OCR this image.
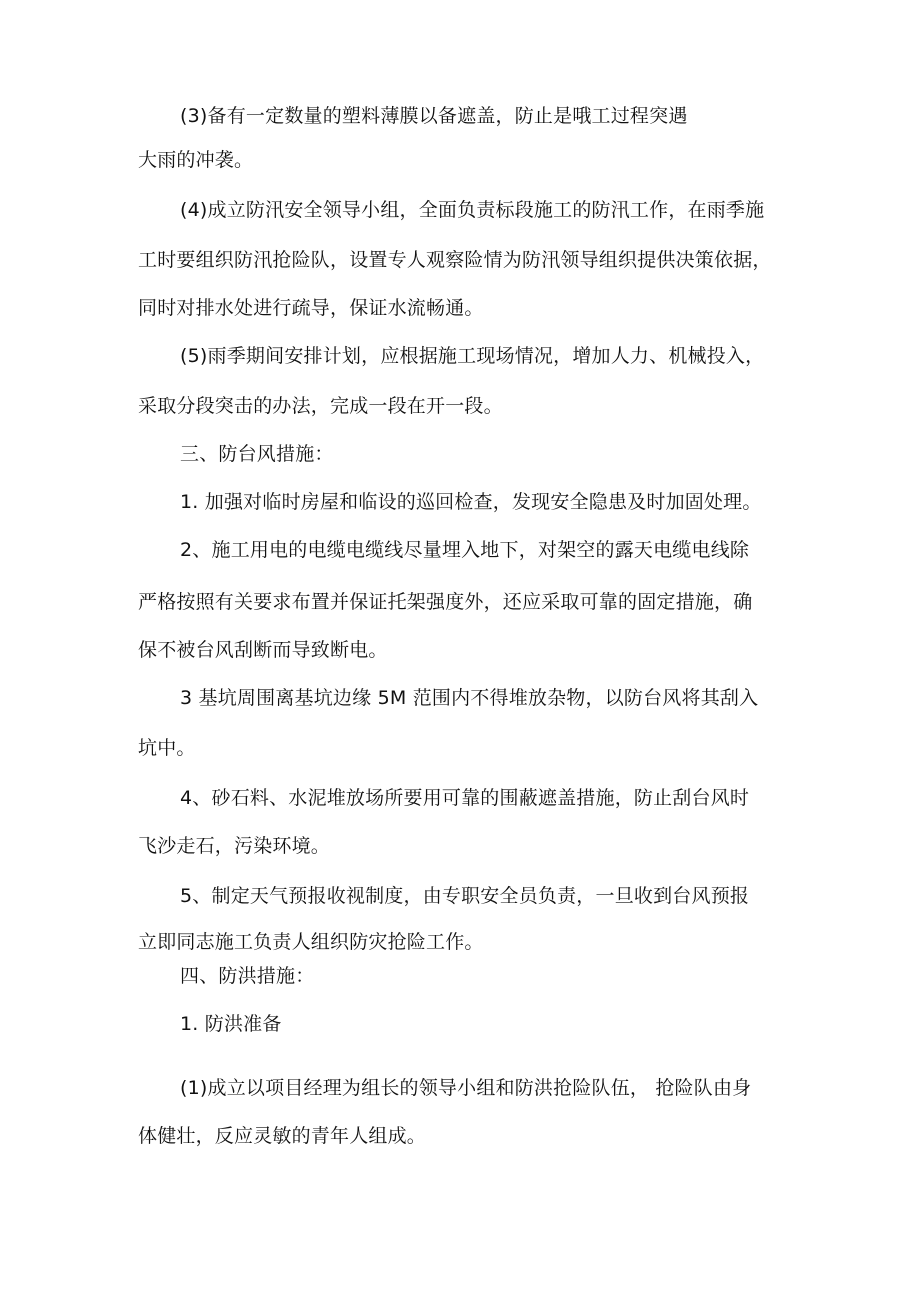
(3)备有一定数量的塑料薄膜以备遮盖，防止是哦工过程突遇
大雨的冲袭。
(4)成立防汛安全领导小组，全面负责标段施工的防汛工作，在雨季施
工时要组织防汛抢险队，设置专人观察险情为防汛领导组织提供决策依据，
同时对排水处进行疏导，保证水流畅通。
(5)雨季期间安排计划，应根据施工现场情况，增加人力、机械投入，
采取分段突击的办法，完成一段在开一段。
三、防台风措施：
1. 加强对临时房屋和临设的巡回检查，发现安全隐患及时加固处理。
2、施工用电的电缆电缆线尽量埋入地下，对架空的露天电缆电线除
严格按照有关要求布置并保证托架强度外，还应采取可靠的固定措施，确
保不被台风刮断而导致断电。
3 基坑周围离基坑边缘 5M 范围内不得堆放杂物，以防台风将其刮入
坑中。
4、砂石料、水泥堆放场所要用可靠的围蔽遮盖措施，防止刮台风时
飞沙走石，污染环境。
5、制定天气预报收视制度，由专职安全员负责，一旦收到台风预报
立即同志施工负责人组织防灾抢险工作。
四、防洪措施：
1. 防洪准备
(1)成立以项目经理为组长的领导小组和防洪抢险队伍， 抢险队由身
体健壮，反应灵敏的青年人组成。
